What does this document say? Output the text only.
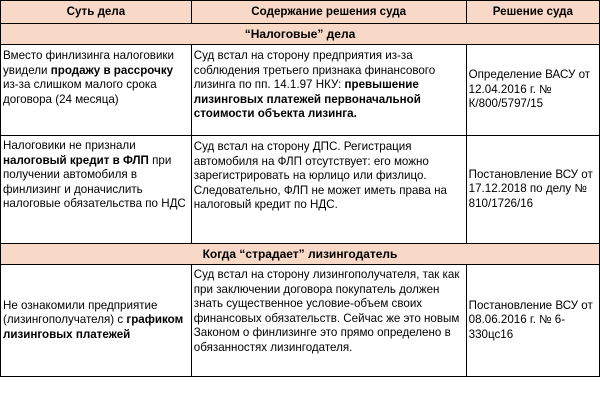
Суть дела	Содержание решения суда	Решение суда
“Налоговые” дела		
Вместо финлизинга налоговики увидели продажу в рассрочку из-за слишком малого срока договора (24 месяца)	Суд встал на сторону предприятия из-за соблюдения третьего признака финансового лизинга по пп. 14.1.97 НКУ: превышение лизинговых платежей первоначальной стоимости объекта лизинга.	Определение ВАСУ от 12.04.2016 г. № К/800/5797/15
Налоговики не признали налоговый кредит в ФЛП при получении автомобиля в финлизинг и доначислить налоговые обязательства по НДС	Суд встал на сторону ДПС. Регистрация автомобиля на ФЛП отсутствует: его можно зарегистрировать на юрлицо или физлицо. Следовательно, ФЛП не может иметь права на налоговый кредит по НДС.	Постановление ВСУ от 17.12.2018 по делу № 810/1726/16
Когда “страдает” лизингодатель		
Не ознакомили предприятие (лизингополучателя) с графиком лизинговых платежей	Суд встал на сторону лизингополучателя, так как при заключении договора покупатель должен знать существенное условие-объем своих финансовых обязательств. Сейчас же это новым Законом о финлизинге это прямо определено в обязанностях лизингодателя.	Постановление ВСУ от 08.06.2016 г. № 6-330цс16
